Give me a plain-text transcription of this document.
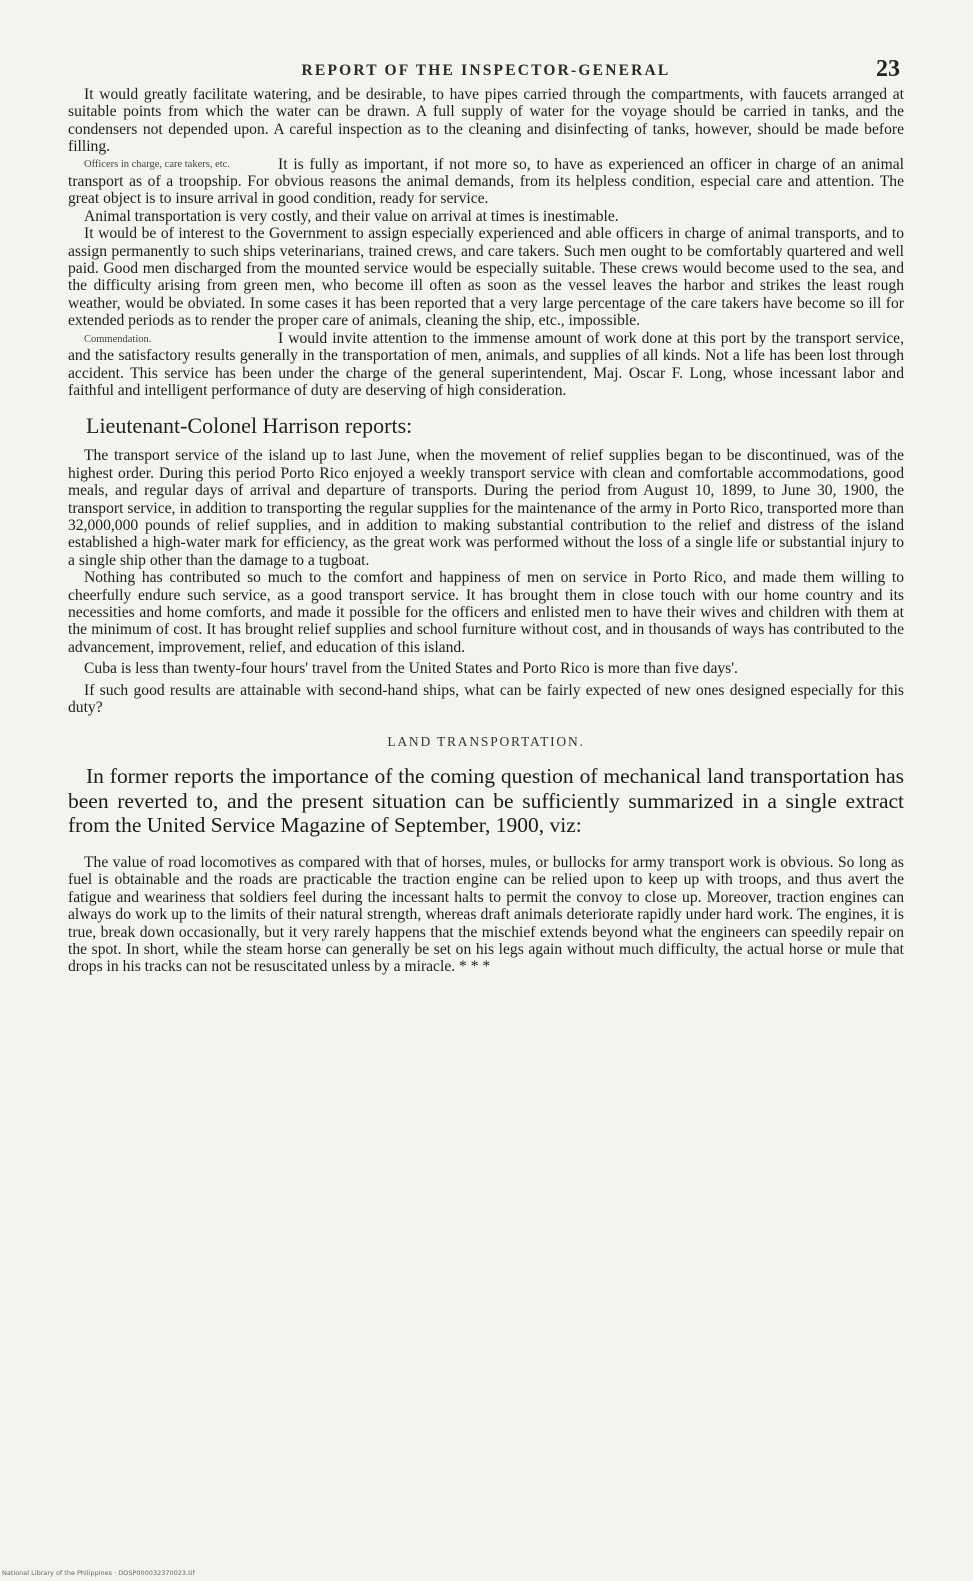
REPORT OF THE INSPECTOR-GENERAL	23

It would greatly facilitate watering, and be desirable, to have pipes carried through the compartments, with faucets arranged at suitable points from which the water can be drawn. A full supply of water for the voyage should be carried in tanks, and the condensers not depended upon. A careful inspection as to the cleaning and disinfecting of tanks, however, should be made before filling.

Officers in charge, care takers, etc.	It is fully as important, if not more so, to have as experienced an officer in charge of an animal transport as of a troopship. For obvious reasons the animal demands, from its helpless condition, especial care and attention. The great object is to insure arrival in good condition, ready for service.

Animal transportation is very costly, and their value on arrival at times is inestimable.

It would be of interest to the Government to assign especially experienced and able officers in charge of animal transports, and to assign permanently to such ships veterinarians, trained crews, and care takers. Such men ought to be comfortably quartered and well paid. Good men discharged from the mounted service would be especially suitable. These crews would become used to the sea, and the difficulty arising from green men, who become ill often as soon as the vessel leaves the harbor and strikes the least rough weather, would be obviated. In some cases it has been reported that a very large percentage of the care takers have become so ill for extended periods as to render the proper care of animals, cleaning the ship, etc., impossible.

Commendation.	I would invite attention to the immense amount of work done at this port by the transport service, and the satisfactory results generally in the transportation of men, animals, and supplies of all kinds. Not a life has been lost through accident. This service has been under the charge of the general superintendent, Maj. Oscar F. Long, whose incessant labor and faithful and intelligent performance of duty are deserving of high consideration.

Lieutenant-Colonel Harrison reports:

The transport service of the island up to last June, when the movement of relief supplies began to be discontinued, was of the highest order. During this period Porto Rico enjoyed a weekly transport service with clean and comfortable accommodations, good meals, and regular days of arrival and departure of transports. During the period from August 10, 1899, to June 30, 1900, the transport service, in addition to transporting the regular supplies for the maintenance of the army in Porto Rico, transported more than 32,000,000 pounds of relief supplies, and in addition to making substantial contribution to the relief and distress of the island established a high-water mark for efficiency, as the great work was performed without the loss of a single life or substantial injury to a single ship other than the damage to a tugboat.

Nothing has contributed so much to the comfort and happiness of men on service in Porto Rico, and made them willing to cheerfully endure such service, as a good transport service. It has brought them in close touch with our home country and its necessities and home comforts, and made it possible for the officers and enlisted men to have their wives and children with them at the minimum of cost. It has brought relief supplies and school furniture without cost, and in thousands of ways has contributed to the advancement, improvement, relief, and education of this island.

Cuba is less than twenty-four hours' travel from the United States and Porto Rico is more than five days'.

If such good results are attainable with second-hand ships, what can be fairly expected of new ones designed especially for this duty?

LAND TRANSPORTATION.
In former reports the importance of the coming question of mechanical land transportation has been reverted to, and the present situation can be sufficiently summarized in a single extract from the United Service Magazine of September, 1900, viz:

The value of road locomotives as compared with that of horses, mules, or bullocks for army transport work is obvious. So long as fuel is obtainable and the roads are practicable the traction engine can be relied upon to keep up with troops, and thus avert the fatigue and weariness that soldiers feel during the incessant halts to permit the convoy to close up. Moreover, traction engines can always do work up to the limits of their natural strength, whereas draft animals deteriorate rapidly under hard work. The engines, it is true, break down occasionally, but it very rarely happens that the mischief extends beyond what the engineers can speedily repair on the spot. In short, while the steam horse can generally be set on his legs again without much difficulty, the actual horse or mule that drops in his tracks can not be resuscitated unless by a miracle. * * *

National Library of the Philippines · DOSP000032370023.tif
